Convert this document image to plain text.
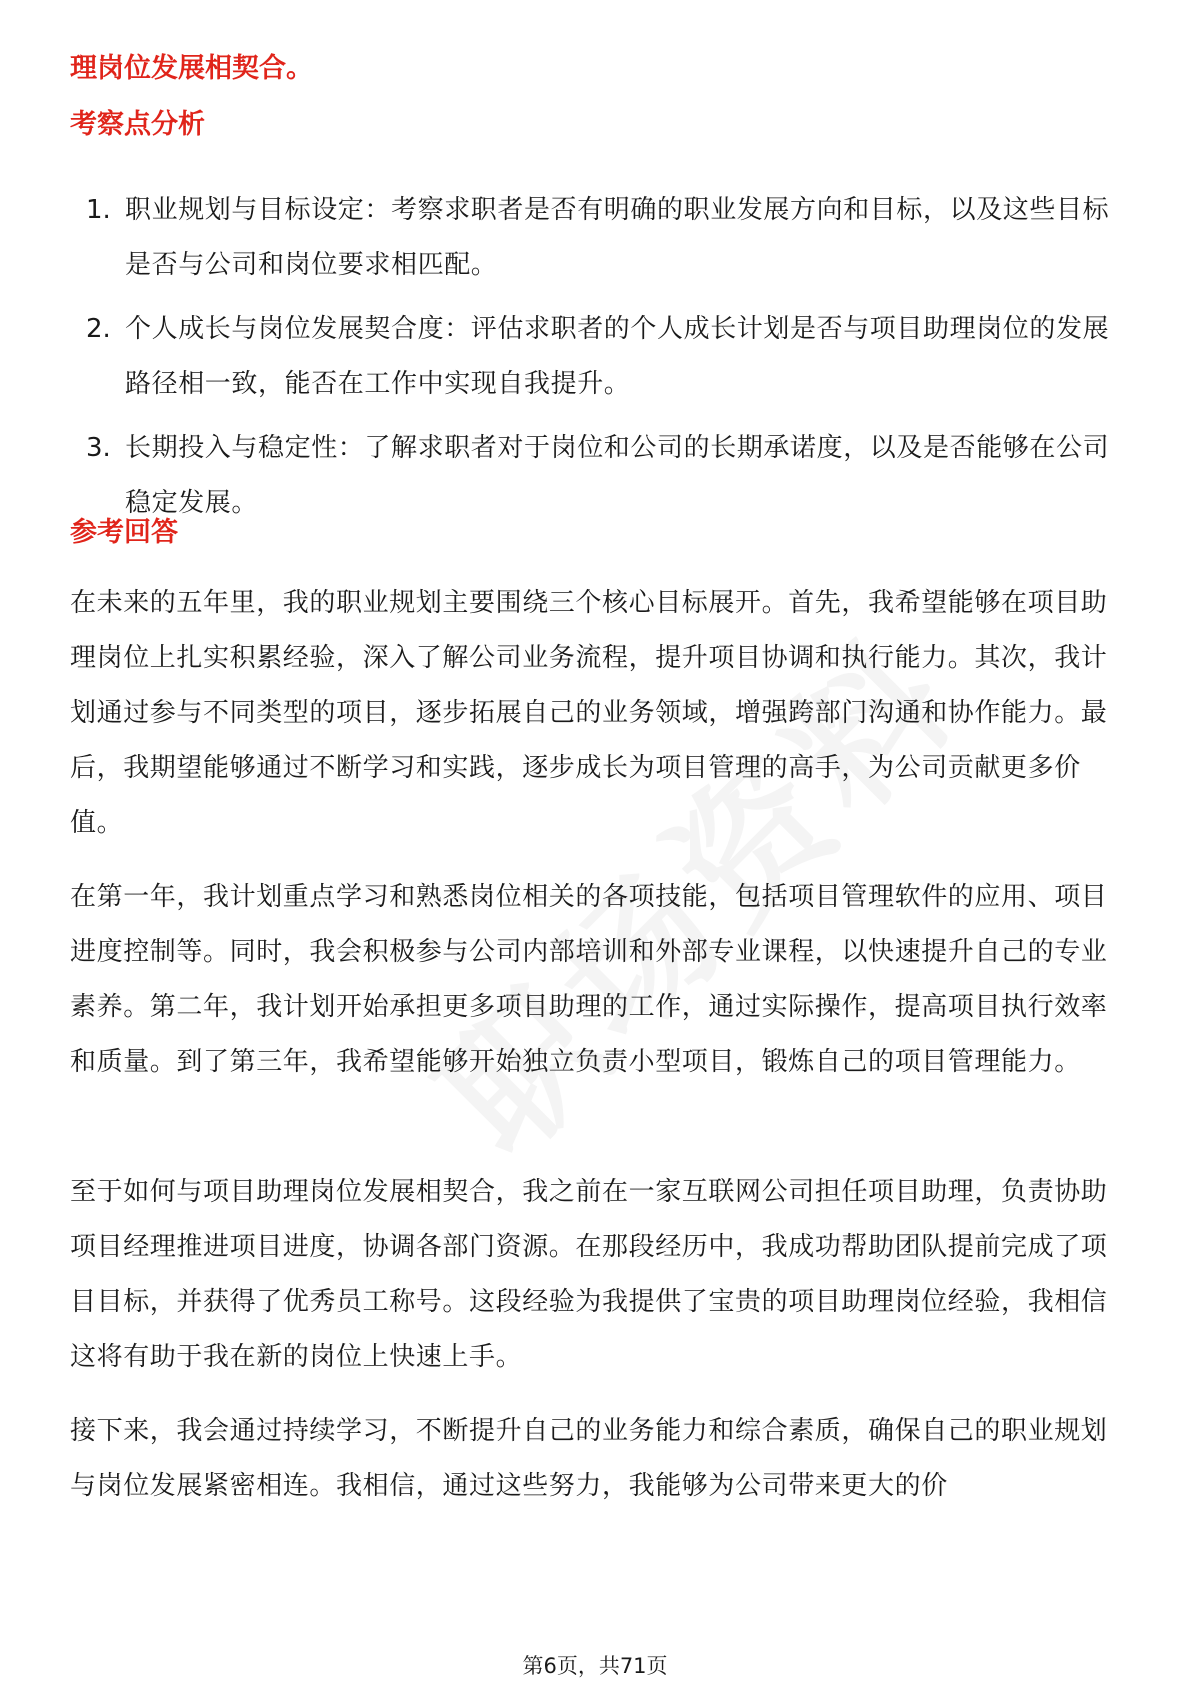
理岗位发展相契合。

考察点分析
1. 职业规划与目标设定：考察求职者是否有明确的职业发展方向和目标，以及这些目标是否与公司和岗位要求相匹配。

2. 个人成长与岗位发展契合度：评估求职者的个人成长计划是否与项目助理岗位的发展路径相一致，能否在工作中实现自我提升。

3. 长期投入与稳定性：了解求职者对于岗位和公司的长期承诺度，以及是否能够在公司稳定发展。

参考回答

在未来的五年里，我的职业规划主要围绕三个核心目标展开。首先，我希望能够在项目助理岗位上扎实积累经验，深入了解公司业务流程，提升项目协调和执行能力。其次，我计划通过参与不同类型的项目，逐步拓展自己的业务领域，增强跨部门沟通和协作能力。最后，我期望能够通过不断学习和实践，逐步成长为项目管理的高手，为公司贡献更多价值。

在第一年，我计划重点学习和熟悉岗位相关的各项技能，包括项目管理软件的应用、项目进度控制等。同时，我会积极参与公司内部培训和外部专业课程，以快速提升自己的专业素养。第二年，我计划开始承担更多项目助理的工作，通过实际操作，提高项目执行效率和质量。到了第三年，我希望能够开始独立负责小型项目，锻炼自己的项目管理能力。

至于如何与项目助理岗位发展相契合，我之前在一家互联网公司担任项目助理，负责协助项目经理推进项目进度，协调各部门资源。在那段经历中，我成功帮助团队提前完成了项目目标，并获得了优秀员工称号。这段经验为我提供了宝贵的项目助理岗位经验，我相信这将有助于我在新的岗位上快速上手。

接下来，我会通过持续学习，不断提升自己的业务能力和综合素质，确保自己的职业规划与岗位发展紧密相连。我相信，通过这些努力，我能够为公司带来更大的价

第6页，共71页
